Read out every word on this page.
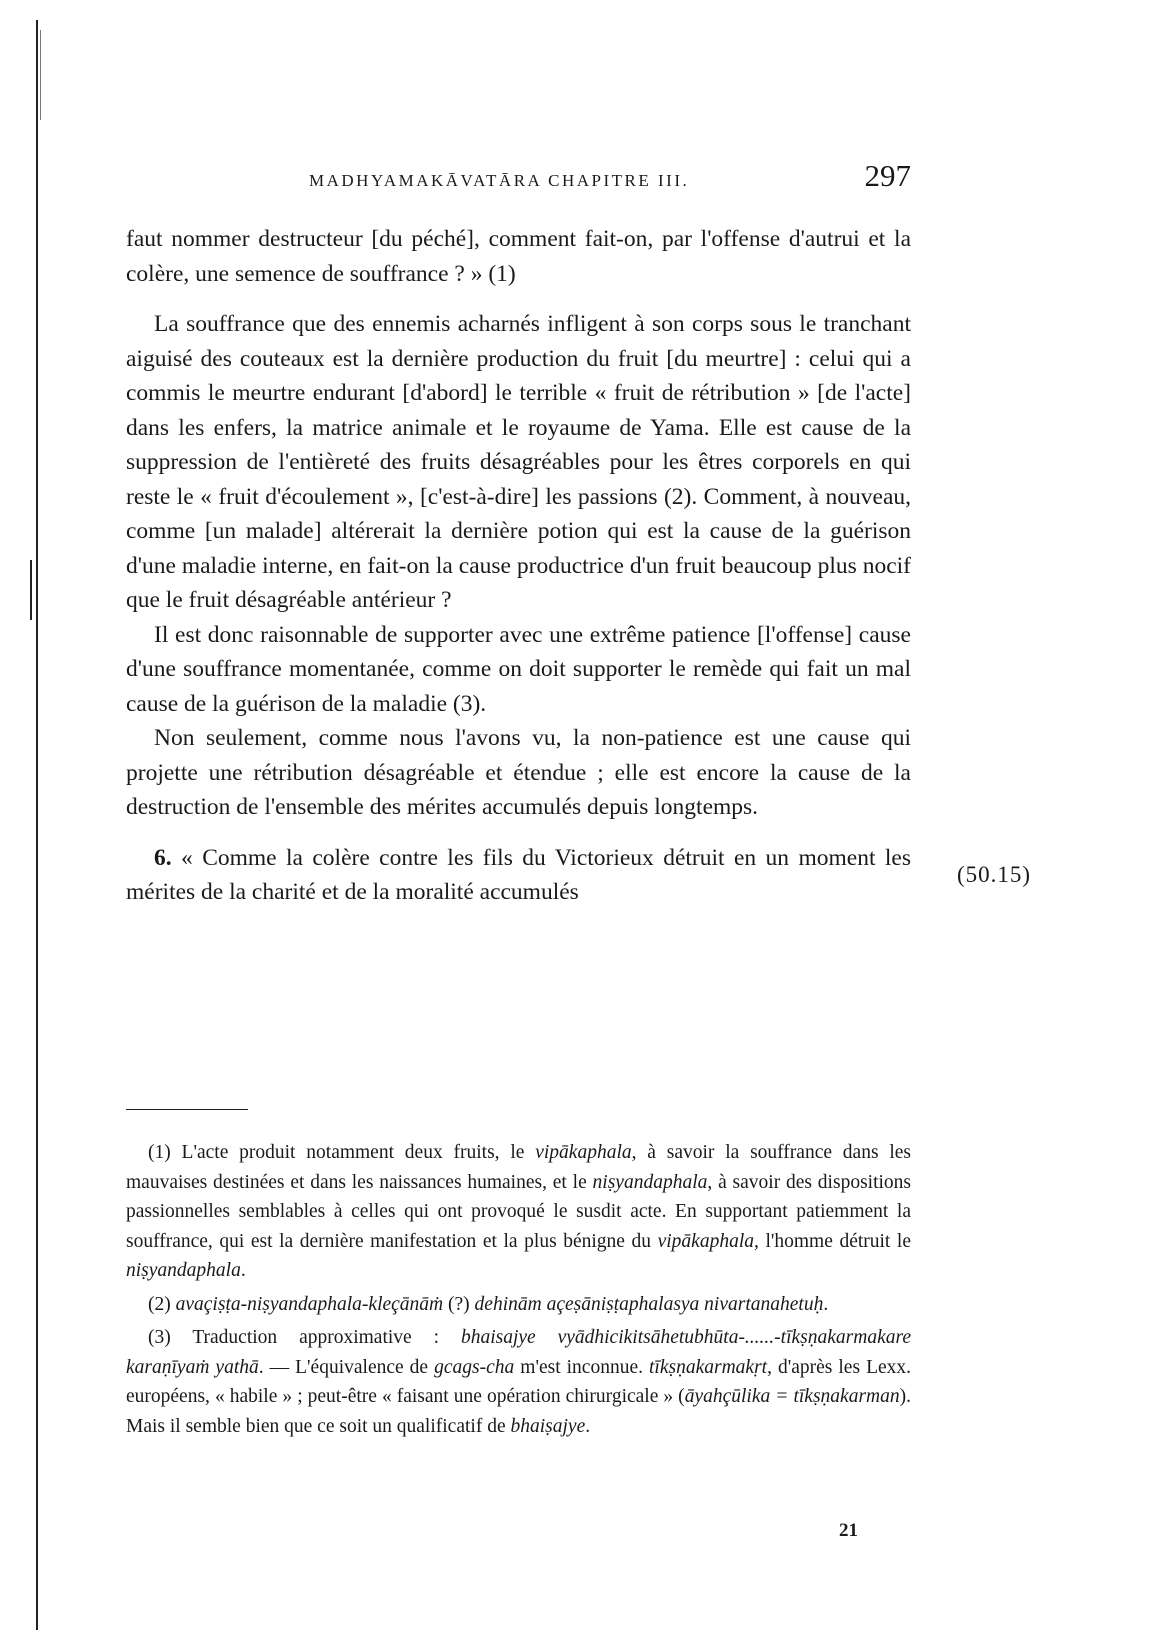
MADHYAMAKĀVATĀRA CHAPITRE III.	297

faut nommer destructeur [du péché], comment fait-on, par l'offense d'autrui et la colère, une semence de souffrance ? » (1)

La souffrance que des ennemis acharnés infligent à son corps sous le tranchant aiguisé des couteaux est la dernière production du fruit [du meurtre] : celui qui a commis le meurtre endurant [d'abord] le terrible « fruit de rétribution » [de l'acte] dans les enfers, la matrice animale et le royaume de Yama. Elle est cause de la suppression de l'entièreté des fruits désagréables pour les êtres corporels en qui reste le « fruit d'écoulement », [c'est-à-dire] les passions (2). Comment, à nouveau, comme [un malade] altérerait la dernière potion qui est la cause de la guérison d'une maladie interne, en fait-on la cause productrice d'un fruit beaucoup plus nocif que le fruit désagréable antérieur ?

Il est donc raisonnable de supporter avec une extrême patience [l'offense] cause d'une souffrance momentanée, comme on doit supporter le remède qui fait un mal cause de la guérison de la maladie (3).

Non seulement, comme nous l'avons vu, la non-patience est une cause qui projette une rétribution désagréable et étendue ; elle est encore la cause de la destruction de l'ensemble des mérites accumulés depuis longtemps.

6. « Comme la colère contre les fils du Victorieux détruit en un moment les mérites de la charité et de la moralité accumulés

(1) L'acte produit notamment deux fruits, le vipākaphala, à savoir la souffrance dans les mauvaises destinées et dans les naissances humaines, et le niṣyandaphala, à savoir des dispositions passionnelles semblables à celles qui ont provoqué le susdit acte. En supportant patiemment la souffrance, qui est la dernière manifestation et la plus bénigne du vipākaphala, l'homme détruit le niṣyandaphala.

(2) avaçiṣṭa-niṣyandaphala-kleçānāṁ (?) dehinām açeṣāniṣṭaphalasya nivartanahetuḥ.

(3) Traduction approximative : bhaisajye vyādhicikitsāhetubhūta-......-tīkṣṇakarmakare karaṇīyaṁ yathā. — L'équivalence de gcags-cha m'est inconnue. tīkṣṇakarmakṛt, d'après les Lexx. européens, « habile » ; peut-être « faisant une opération chirurgicale » (āyahçūlika = tīkṣṇakarman). Mais il semble bien que ce soit un qualificatif de bhaiṣajye.

(50.15)
21
